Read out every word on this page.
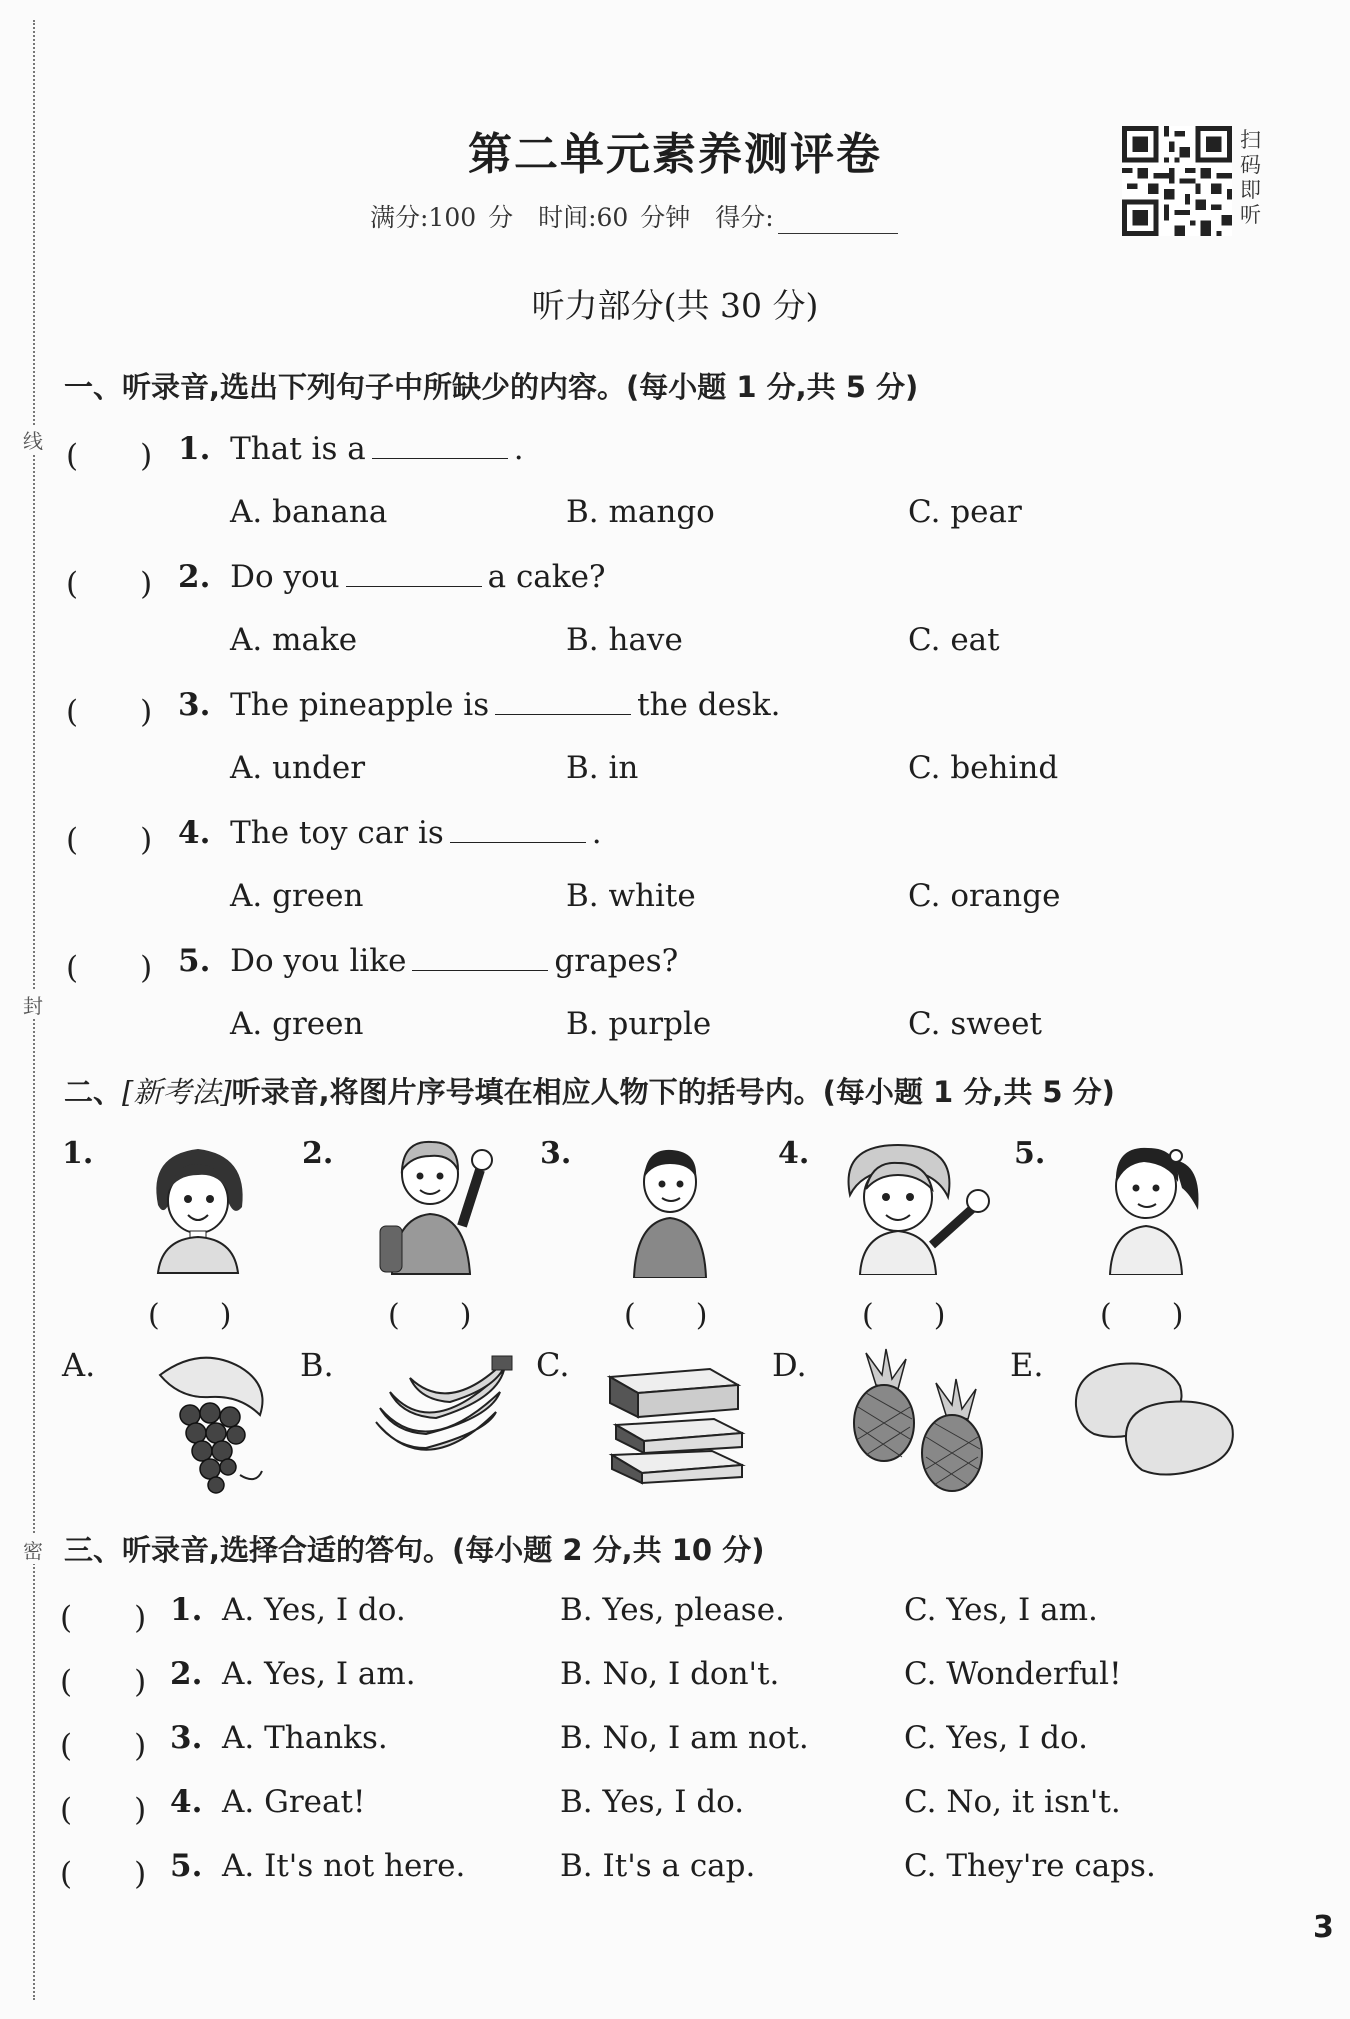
线
封
密
第二单元素养测评卷
满分:100 分　时间:60 分钟　得分:
扫
码
即
听
听力部分(共 30 分)
一、听录音,选出下列句子中所缺少的内容。(每小题 1 分,共 5 分)
(　　) 1. That is a	.
A. banana	B. mango	C. pear
(　　) 2. Do you	a cake?
A. make	B. have	C. eat
(　　) 3. The pineapple is	the desk.
A. under	B. in	C. behind
(　　) 4. The toy car is	.
A. green	B. white	C. orange
(　　) 5. Do you like	grapes?
A. green	B. purple	C. sweet
二、[新考法]听录音,将图片序号填在相应人物下的括号内。(每小题 1 分,共 5 分)
1.
(　　)
2.
(　　)
3.
(　　)
4.
(　　)
5.
(　　)
A.	B.	C.	D.	E.
三、听录音,选择合适的答句。(每小题 2 分,共 10 分)
(　　) 1. A. Yes, I do.	B. Yes, please.	C. Yes, I am.
(　　) 2. A. Yes, I am.	B. No, I don't.	C. Wonderful!
(　　) 3. A. Thanks.	B. No, I am not.	C. Yes, I do.
(　　) 4. A. Great!	B. Yes, I do.	C. No, it isn't.
(　　) 5. A. It's not here.	B. It's a cap.	C. They're caps.
3
